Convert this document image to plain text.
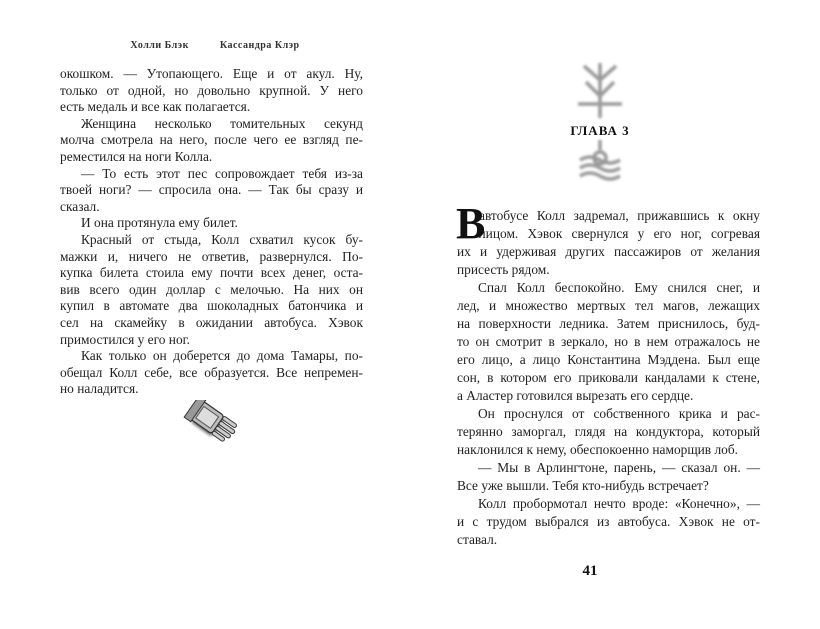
Холли Блэк	Кассандра Клэр
окошком. — Утопающего. Еще и от акул. Ну,
только от одной, но довольно крупной. У него
есть медаль и все как полагается.
Женщина несколько томительных секунд
молча смотрела на него, после чего ее взгляд пе-
реместился на ноги Колла.
— То есть этот пес сопровождает тебя из-за
твоей ноги? — спросила она. — Так бы сразу и
сказал.
И она протянула ему билет.
Красный от стыда, Колл схватил кусок бу-
мажки и, ничего не ответив, развернулся. По-
купка билета стоила ему почти всех денег, оста-
вив всего один доллар с мелочью. На них он
купил в автомате два шоколадных батончика и
сел на скамейку в ожидании автобуса. Хэвок
примостился у его ног.
Как только он доберется до дома Тамары, по-
обещал Колл себе, все образуется. Все непремен-
но наладится.
ГЛАВА 3
В
автобусе Колл задремал, прижавшись к окну
лицом. Хэвок свернулся у его ног, согревая
их и удерживая других пассажиров от желания
присесть рядом.
Спал Колл беспокойно. Ему снился снег, и
лед, и множество мертвых тел магов, лежащих
на поверхности ледника. Затем приснилось, буд-
то он смотрит в зеркало, но в нем отражалось не
его лицо, а лицо Константина Мэддена. Был еще
сон, в котором его приковали кандалами к стене,
а Аластер готовился вырезать его сердце.
Он проснулся от собственного крика и рас-
терянно заморгал, глядя на кондуктора, который
наклонился к нему, обеспокоенно наморщив лоб.
— Мы в Арлингтоне, парень, — сказал он. —
Все уже вышли. Тебя кто-нибудь встречает?
Колл пробормотал нечто вроде: «Конечно», —
и с трудом выбрался из автобуса. Хэвок не от-
ставал.
41
